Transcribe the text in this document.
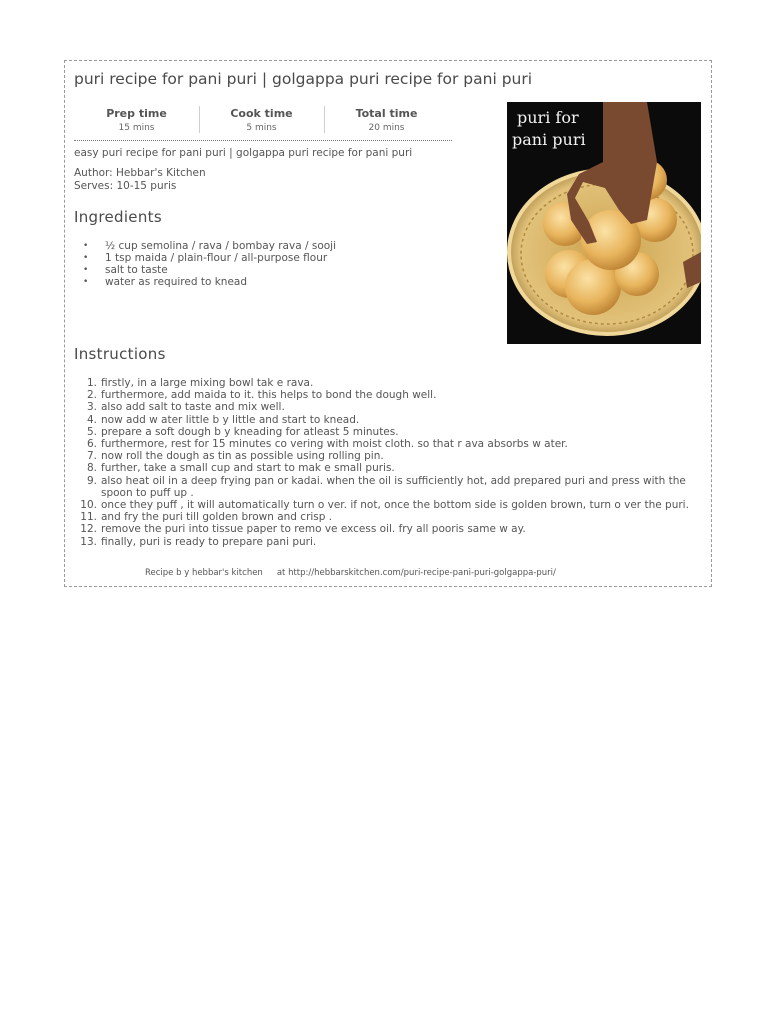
puri recipe for pani puri | golgappa puri recipe for pani puri
Prep time
15 mins
Cook time
5 mins
Total time
20 mins
easy puri recipe for pani puri | golgappa puri recipe for pani puri
Author: Hebbar's Kitchen
Serves: 10-15 puris
Ingredients
• ½ cup semolina / rava / bombay rava / sooji
• 1 tsp maida / plain-flour / all-purpose flour
• salt to taste
• water as required to knead
Instructions
1. firstly, in a large mixing bowl tak e rava.
2. furthermore, add maida to it. this helps to bond the dough well.
3. also add salt to taste and mix well.
4. now add w ater little b y little and start to knead.
5. prepare a soft dough b y kneading for atleast 5 minutes.
6. furthermore, rest for 15 minutes co vering with moist cloth. so that r ava absorbs w ater.
7. now roll the dough as tin as possible using rolling pin.
8. further, take a small cup and start to mak e small puris.
9. also heat oil in a deep frying pan or kadai. when the oil is sufficiently hot, add prepared puri and press with the spoon to puff up .
10. once they puff , it will automatically turn o ver. if not, once the bottom side is golden brown, turn o ver the puri.
11. and fry the puri till golden brown and crisp .
12. remove the puri into tissue paper to remo ve excess oil. fry all pooris same w ay.
13. finally, puri is ready to prepare pani puri.
Recipe b y hebbar's kitchen at http://hebbarskitchen.com/puri-recipe-pani-puri-golgappa-puri/
puri for
pani puri
